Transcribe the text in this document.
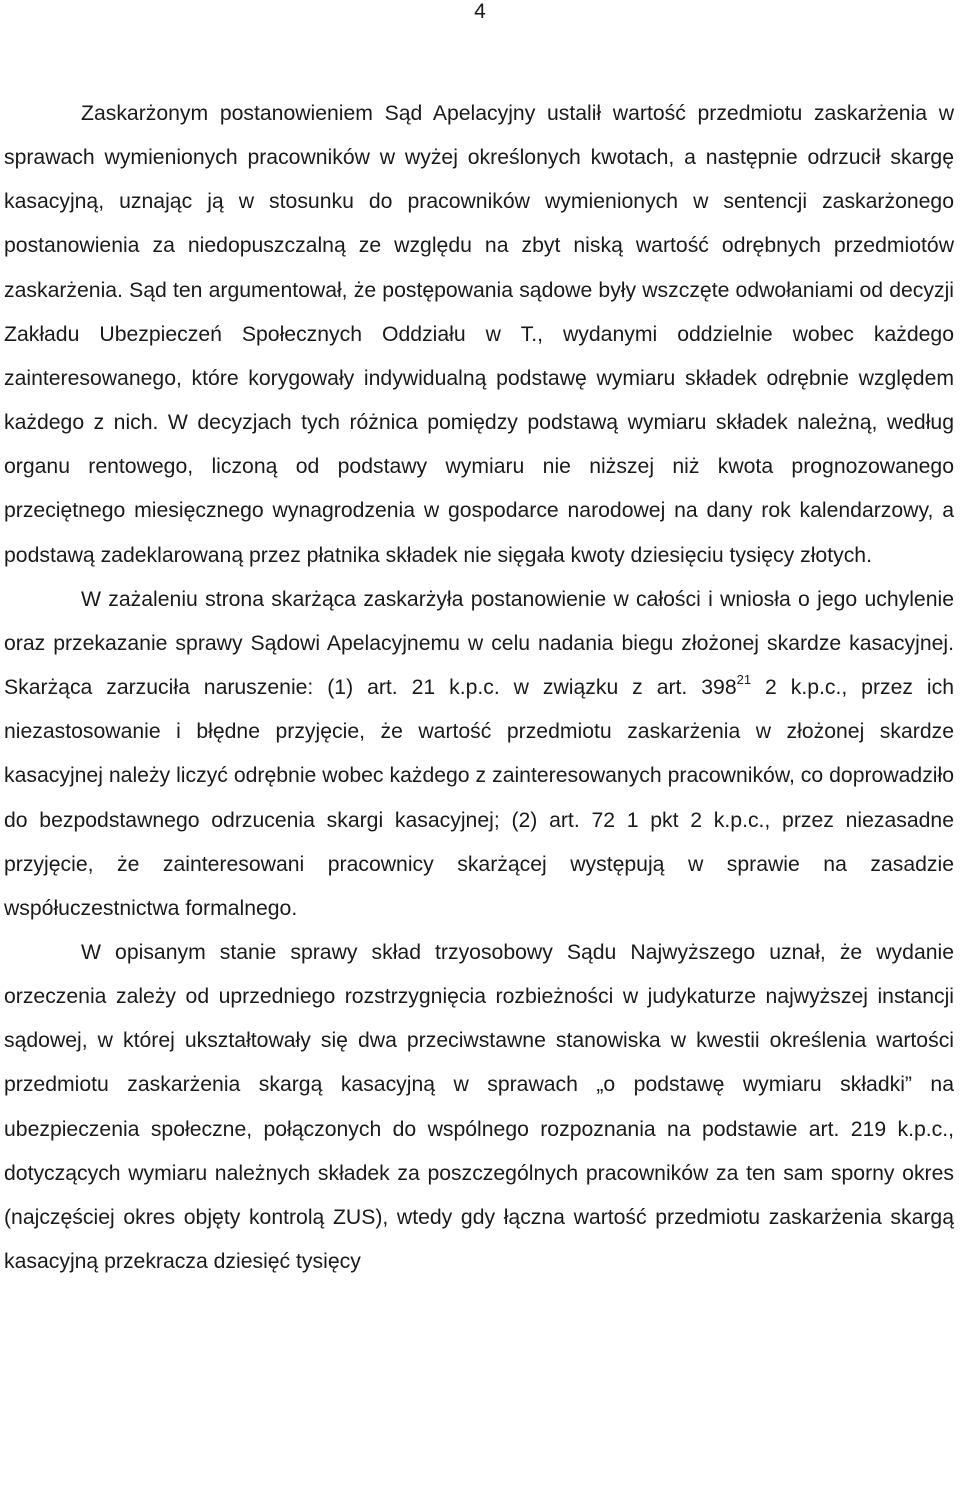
4

Zaskarżonym postanowieniem Sąd Apelacyjny ustalił wartość przedmiotu zaskarżenia w sprawach wymienionych pracowników w wyżej określonych kwotach, a następnie odrzucił skargę kasacyjną, uznając ją w stosunku do pracowników wymienionych w sentencji zaskarżonego postanowienia za niedopuszczalną ze względu na zbyt niską wartość odrębnych przedmiotów zaskarżenia. Sąd ten argumentował, że postępowania sądowe były wszczęte odwołaniami od decyzji Zakładu Ubezpieczeń Społecznych Oddziału w T., wydanymi oddzielnie wobec każdego zainteresowanego, które korygowały indywidualną podstawę wymiaru składek odrębnie względem każdego z nich. W decyzjach tych różnica pomiędzy podstawą wymiaru składek należną, według organu rentowego, liczoną od podstawy wymiaru nie niższej niż kwota prognozowanego przeciętnego miesięcznego wynagrodzenia w gospodarce narodowej na dany rok kalendarzowy, a podstawą zadeklarowaną przez płatnika składek nie sięgała kwoty dziesięciu tysięcy złotych.

W zażaleniu strona skarżąca zaskarżyła postanowienie w całości i wniosła o jego uchylenie oraz przekazanie sprawy Sądowi Apelacyjnemu w celu nadania biegu złożonej skardze kasacyjnej. Skarżąca zarzuciła naruszenie: (1) art. 21 k.p.c. w związku z art. $398^{21}$ 2 k.p.c., przez ich niezastosowanie i błędne przyjęcie, że wartość przedmiotu zaskarżenia w złożonej skardze kasacyjnej należy liczyć odrębnie wobec każdego z zainteresowanych pracowników, co doprowadziło do bezpodstawnego odrzucenia skargi kasacyjnej; (2) art. 72 1 pkt 2 k.p.c., przez niezasadne przyjęcie, że zainteresowani pracownicy skarżącej występują w sprawie na zasadzie współuczestnictwa formalnego.

W opisanym stanie sprawy skład trzyosobowy Sądu Najwyższego uznał, że wydanie orzeczenia zależy od uprzedniego rozstrzygnięcia rozbieżności w judykaturze najwyższej instancji sądowej, w której ukształtowały się dwa przeciwstawne stanowiska w kwestii określenia wartości przedmiotu zaskarżenia skargą kasacyjną w sprawach „o podstawę wymiaru składki” na ubezpieczenia społeczne, połączonych do wspólnego rozpoznania na podstawie art. 219 k.p.c., dotyczących wymiaru należnych składek za poszczególnych pracowników za ten sam sporny okres (najczęściej okres objęty kontrolą ZUS), wtedy gdy łączna wartość przedmiotu zaskarżenia skargą kasacyjną przekracza dziesięć tysięcy
